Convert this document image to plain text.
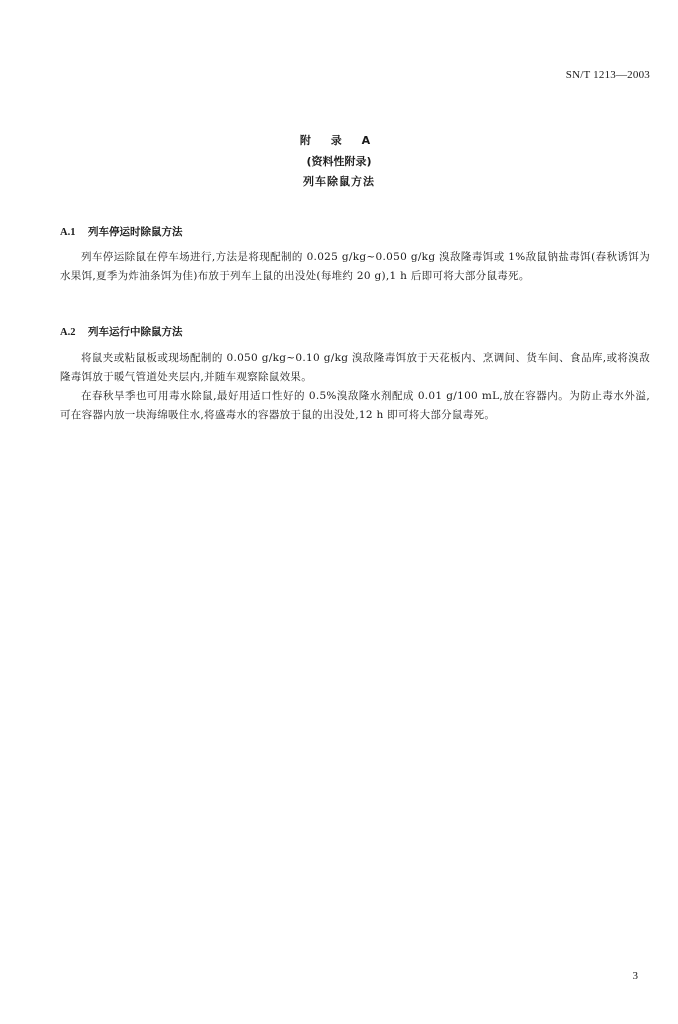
SN/T 1213—2003
附 录 A
(资料性附录)
列车除鼠方法
A.1 列车停运时除鼠方法

列车停运除鼠在停车场进行,方法是将现配制的 0.025 g/kg~0.050 g/kg 溴敌隆毒饵或 1%敌鼠钠盐毒饵(春秋诱饵为水果饵,夏季为炸油条饵为佳)布放于列车上鼠的出没处(每堆约 20 g),1 h 后即可将大部分鼠毒死。

A.2 列车运行中除鼠方法

将鼠夹或粘鼠板或现场配制的 0.050 g/kg~0.10 g/kg 溴敌隆毒饵放于天花板内、烹调间、货车间、食品库,或将溴敌隆毒饵放于暖气管道处夹层内,并随车观察除鼠效果。

在春秋旱季也可用毒水除鼠,最好用适口性好的 0.5%溴敌隆水剂配成 0.01 g/100 mL,放在容器内。为防止毒水外溢,可在容器内放一块海绵吸住水,将盛毒水的容器放于鼠的出没处,12 h 即可将大部分鼠毒死。

3
